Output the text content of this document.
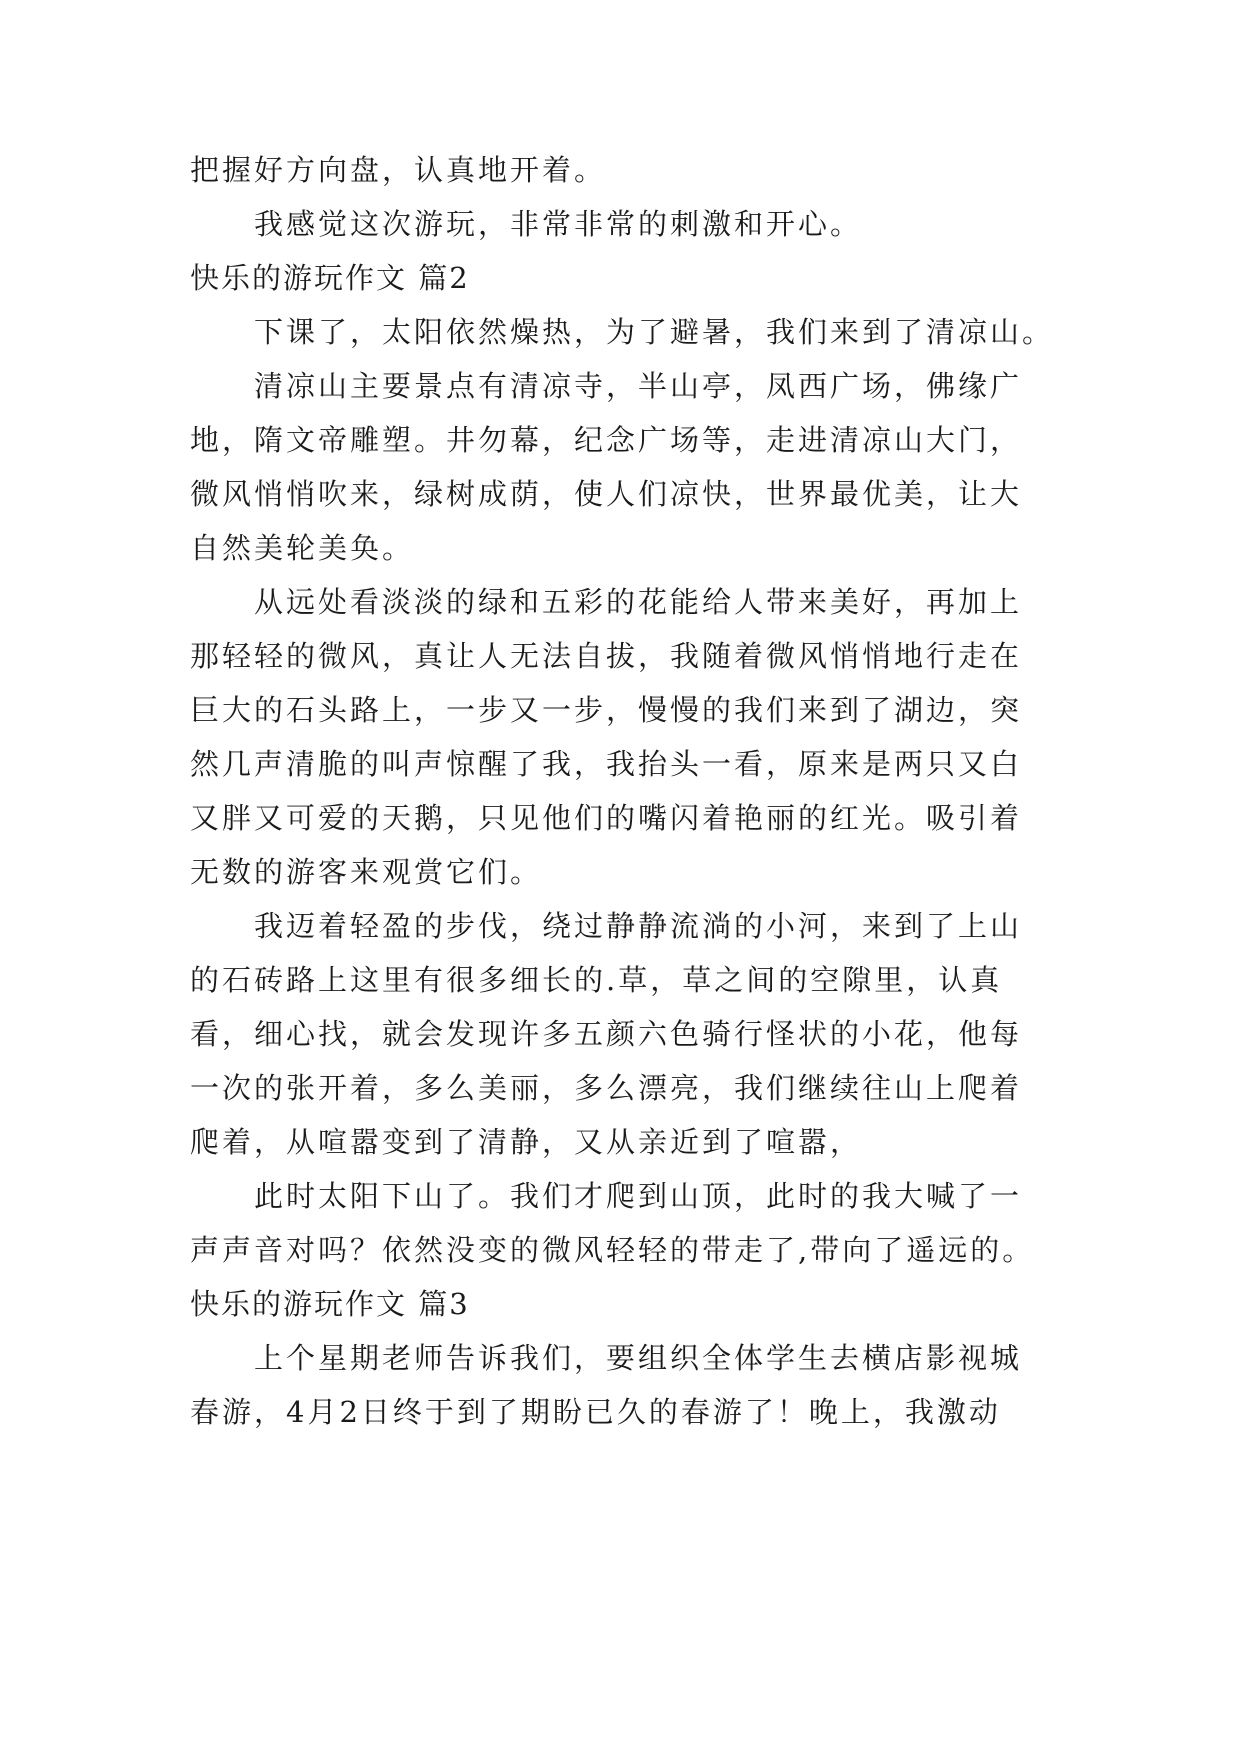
把握好方向盘，认真地开着。
我感觉这次游玩，非常非常的刺激和开心。
快乐的游玩作文 篇2
下课了，太阳依然燥热，为了避暑，我们来到了清凉山。
清凉山主要景点有清凉寺，半山亭，凤西广场，佛缘广
地，隋文帝雕塑。井勿幕，纪念广场等，走进清凉山大门，
微风悄悄吹来，绿树成荫，使人们凉快，世界最优美，让大
自然美轮美奂。
从远处看淡淡的绿和五彩的花能给人带来美好，再加上
那轻轻的微风，真让人无法自拔，我随着微风悄悄地行走在
巨大的石头路上，一步又一步，慢慢的我们来到了湖边，突
然几声清脆的叫声惊醒了我，我抬头一看，原来是两只又白
又胖又可爱的天鹅，只见他们的嘴闪着艳丽的红光。吸引着
无数的游客来观赏它们。
我迈着轻盈的步伐，绕过静静流淌的小河，来到了上山
的石砖路上这里有很多细长的.草，草之间的空隙里，认真
看，细心找，就会发现许多五颜六色骑行怪状的小花，他每
一次的张开着，多么美丽，多么漂亮，我们继续往山上爬着
爬着，从喧嚣变到了清静，又从亲近到了喧嚣，
此时太阳下山了。我们才爬到山顶，此时的我大喊了一
声声音对吗？依然没变的微风轻轻的带走了,带向了遥远的。
快乐的游玩作文 篇3
上个星期老师告诉我们，要组织全体学生去横店影视城
春游，4月2日终于到了期盼已久的春游了！晚上，我激动
